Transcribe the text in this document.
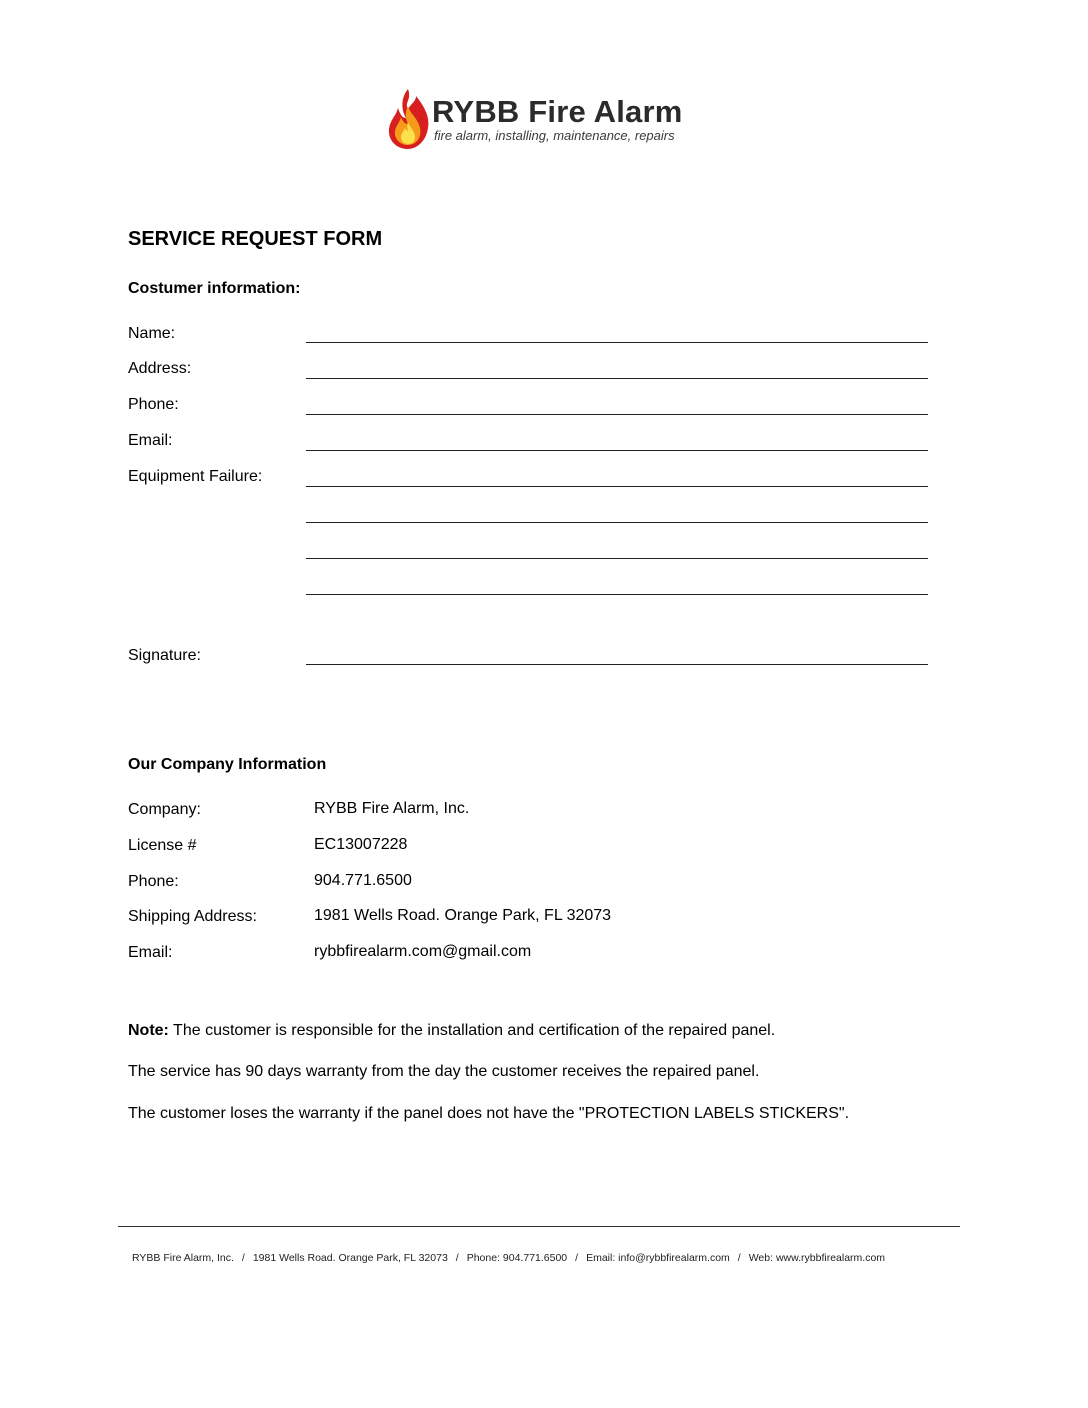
RYBB Fire Alarm
fire alarm, installing, maintenance, repairs
SERVICE REQUEST FORM
Costumer information:
Name:
Address:
Phone:
Email:
Equipment Failure:
Signature:
Our Company Information
Company:	RYBB Fire Alarm, Inc.
License #	EC13007228
Phone:	904.771.6500
Shipping Address:	1981 Wells Road. Orange Park, FL 32073
Email:	rybbfirealarm.com@gmail.com
Note: The customer is responsible for the installation and certification of the repaired panel.
The service has 90 days warranty from the day the customer receives the repaired panel.
The customer loses the warranty if the panel does not have the "PROTECTION LABELS STICKERS".
RYBB Fire Alarm, Inc. / 1981 Wells Road. Orange Park, FL 32073 / Phone: 904.771.6500 / Email: info@rybbfirealarm.com / Web: www.rybbfirealarm.com
